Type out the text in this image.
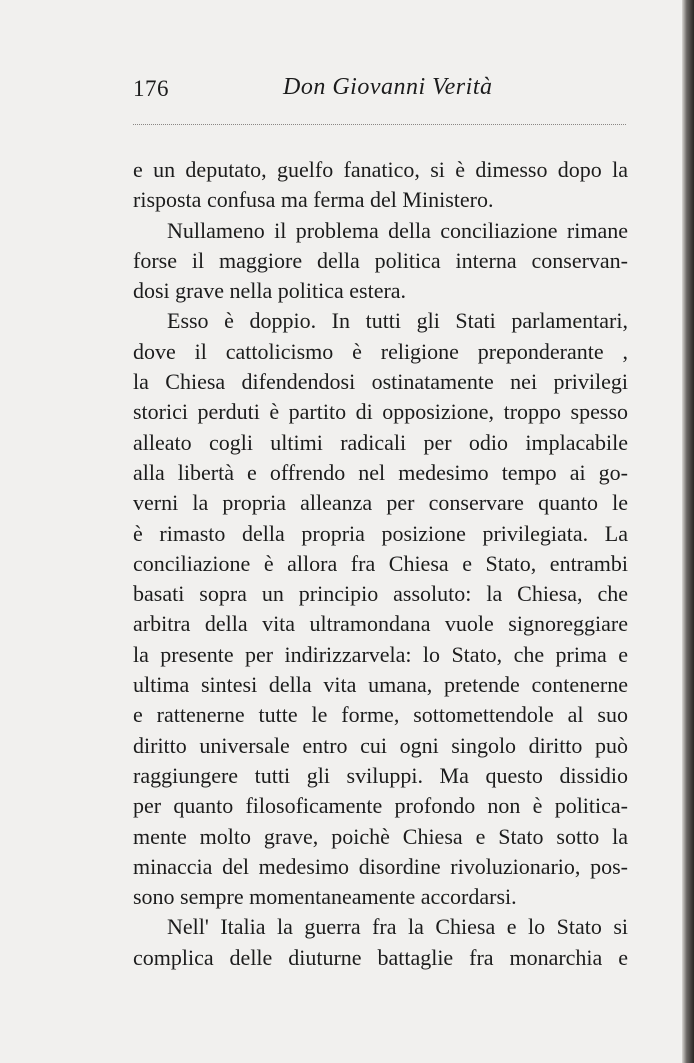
176	Don Giovanni Verità
e un deputato, guelfo fanatico, si è dimesso dopo la
risposta confusa ma ferma del Ministero.
Nullameno il problema della conciliazione rimane
forse il maggiore della politica interna conservan-
dosi grave nella politica estera.
Esso è doppio. In tutti gli Stati parlamentari,
dove il cattolicismo è religione preponderante ,
la Chiesa difendendosi ostinatamente nei privilegi
storici perduti è partito di opposizione, troppo spesso
alleato cogli ultimi radicali per odio implacabile
alla libertà e offrendo nel medesimo tempo ai go-
verni la propria alleanza per conservare quanto le
è rimasto della propria posizione privilegiata. La
conciliazione è allora fra Chiesa e Stato, entrambi
basati sopra un principio assoluto: la Chiesa, che
arbitra della vita ultramondana vuole signoreggiare
la presente per indirizzarvela: lo Stato, che prima e
ultima sintesi della vita umana, pretende contenerne
e rattenerne tutte le forme, sottomettendole al suo
diritto universale entro cui ogni singolo diritto può
raggiungere tutti gli sviluppi. Ma questo dissidio
per quanto filosoficamente profondo non è politica-
mente molto grave, poichè Chiesa e Stato sotto la
minaccia del medesimo disordine rivoluzionario, pos-
sono sempre momentaneamente accordarsi.
Nell' Italia la guerra fra la Chiesa e lo Stato si
complica delle diuturne battaglie fra monarchia e
